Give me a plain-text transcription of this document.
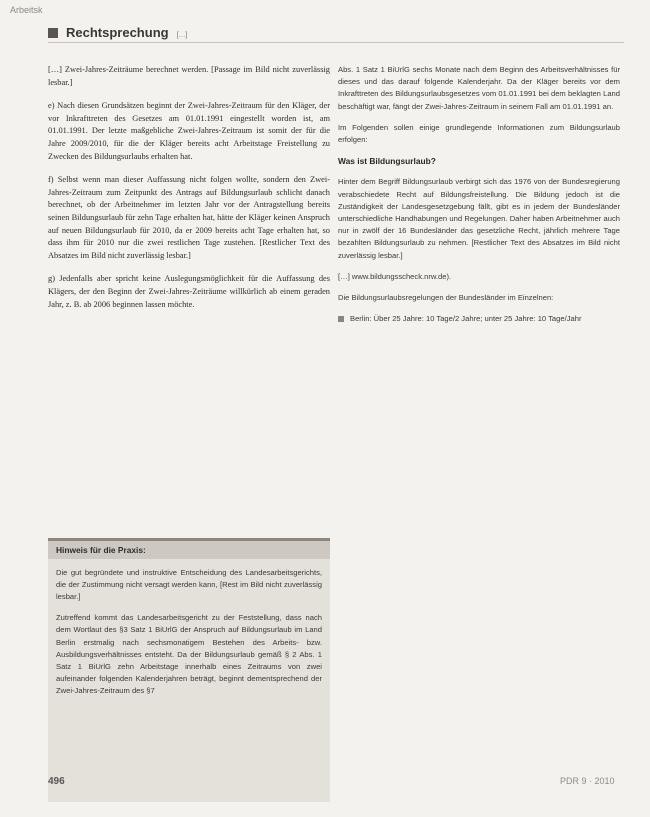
Arbeitsk
Rechtsprechung […]

[…] Zwei-Jahres-Zeiträume berechnet werden. [Passage im Bild nicht zuverlässig lesbar.]

e) Nach diesen Grundsätzen beginnt der Zwei-Jahres-Zeitraum für den Kläger, der vor Inkrafttreten des Gesetzes am 01.01.1991 eingestellt worden ist, am 01.01.1991. Der letzte maßgebliche Zwei-Jahres-Zeitraum ist somit der für die Jahre 2009/2010, für die der Kläger bereits acht Arbeitstage Freistellung zu Zwecken des Bildungsurlaubs erhalten hat.

f) Selbst wenn man dieser Auffassung nicht folgen wollte, sondern den Zwei-Jahres-Zeitraum zum Zeitpunkt des Antrags auf Bildungsurlaub schlicht danach berechnet, ob der Arbeitnehmer im letzten Jahr vor der Antragstellung bereits seinen Bildungsurlaub für zehn Tage erhalten hat, hätte der Kläger keinen Anspruch auf neuen Bildungsurlaub für 2010, da er 2009 bereits acht Tage erhalten hat, so dass ihm für 2010 nur die zwei restlichen Tage zustehen. [Restlicher Text des Absatzes im Bild nicht zuverlässig lesbar.]

g) Jedenfalls aber spricht keine Auslegungsmöglichkeit für die Auffassung des Klägers, der den Beginn der Zwei-Jahres-Zeiträume willkürlich ab einem geraden Jahr, z. B. ab 2006 beginnen lassen möchte.

Hinweis für die Praxis:

Die gut begründete und instruktive Entscheidung des Landesarbeitsgerichts, die der Zustimmung nicht versagt werden kann, [Rest im Bild nicht zuverlässig lesbar.]

Zutreffend kommt das Landesarbeitsgericht zu der Feststellung, dass nach dem Wortlaut des §3 Satz 1 BiUrlG der Anspruch auf Bildungsurlaub im Land Berlin erstmalig nach sechsmonatigem Bestehen des Arbeits- bzw. Ausbildungsverhältnisses entsteht. Da der Bildungsurlaub gemäß § 2 Abs. 1 Satz 1 BiUrlG zehn Arbeitstage innerhalb eines Zeitraums von zwei aufeinander folgenden Kalenderjahren beträgt, beginnt dementsprechend der Zwei-Jahres-Zeitraum des §7

Abs. 1 Satz 1 BiUrlG sechs Monate nach dem Beginn des Arbeitsverhältnisses für dieses und das darauf folgende Kalenderjahr. Da der Kläger bereits vor dem Inkrafttreten des Bildungsurlaubsgesetzes vom 01.01.1991 bei dem beklagten Land beschäftigt war, fängt der Zwei-Jahres-Zeitraum in seinem Fall am 01.01.1991 an.

Im Folgenden sollen einige grundlegende Informationen zum Bildungsurlaub erfolgen:

Was ist Bildungsurlaub?

Hinter dem Begriff Bildungsurlaub verbirgt sich das 1976 von der Bundesregierung verabschiedete Recht auf Bildungsfreistellung. Die Bildung jedoch ist die Zuständigkeit der Landesgesetzgebung fällt, gibt es in jedem der Bundesländer unterschiedliche Handhabungen und Regelungen. Daher haben Arbeitnehmer auch nur in zwölf der 16 Bundesländer das gesetzliche Recht, jährlich mehrere Tage bezahlten Bildungsurlaub zu nehmen. [Restlicher Text des Absatzes im Bild nicht zuverlässig lesbar.]

[…] www.bildungsscheck.nrw.de).

Die Bildungsurlaubsregelungen der Bundesländer im Einzelnen:

Berlin: Über 25 Jahre: 10 Tage/2 Jahre; unter 25 Jahre: 10 Tage/Jahr
496	PDR 9 · 2010
